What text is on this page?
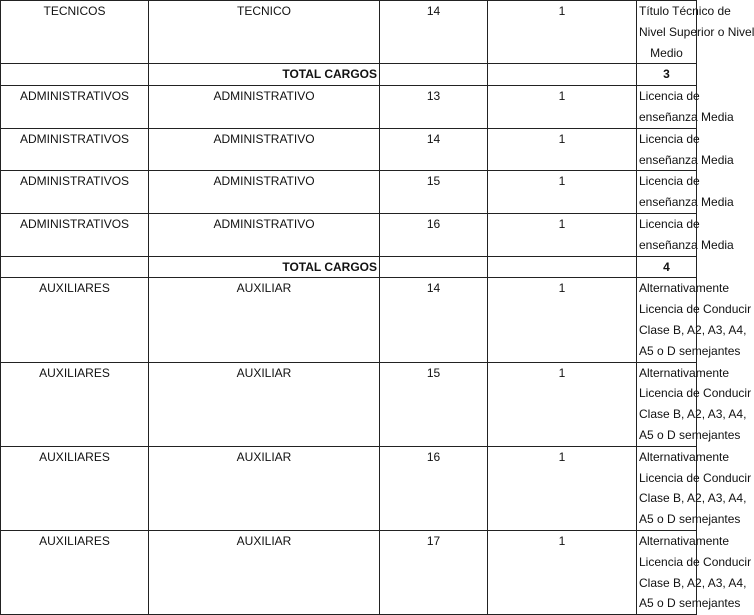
TECNICOS	TECNICO	14	1	Título Técnico de
Nivel Superior o Nivel
Medio

	TOTAL CARGOS			3
ADMINISTRATIVOS	ADMINISTRATIVO	13	1	Licencia de
enseñanza Media

ADMINISTRATIVOS	ADMINISTRATIVO	14	1	Licencia de
enseñanza Media

ADMINISTRATIVOS	ADMINISTRATIVO	15	1	Licencia de
enseñanza Media

ADMINISTRATIVOS	ADMINISTRATIVO	16	1	Licencia de
enseñanza Media

	TOTAL CARGOS			4
AUXILIARES	AUXILIAR	14	1	Alternativamente
Licencia de Conducir
Clase B, A2, A3, A4,
A5 o D semejantes

AUXILIARES	AUXILIAR	15	1	Alternativamente
Licencia de Conducir
Clase B, A2, A3, A4,
A5 o D semejantes

AUXILIARES	AUXILIAR	16	1	Alternativamente
Licencia de Conducir
Clase B, A2, A3, A4,
A5 o D semejantes

AUXILIARES	AUXILIAR	17	1	Alternativamente
Licencia de Conducir
Clase B, A2, A3, A4,
A5 o D semejantes
